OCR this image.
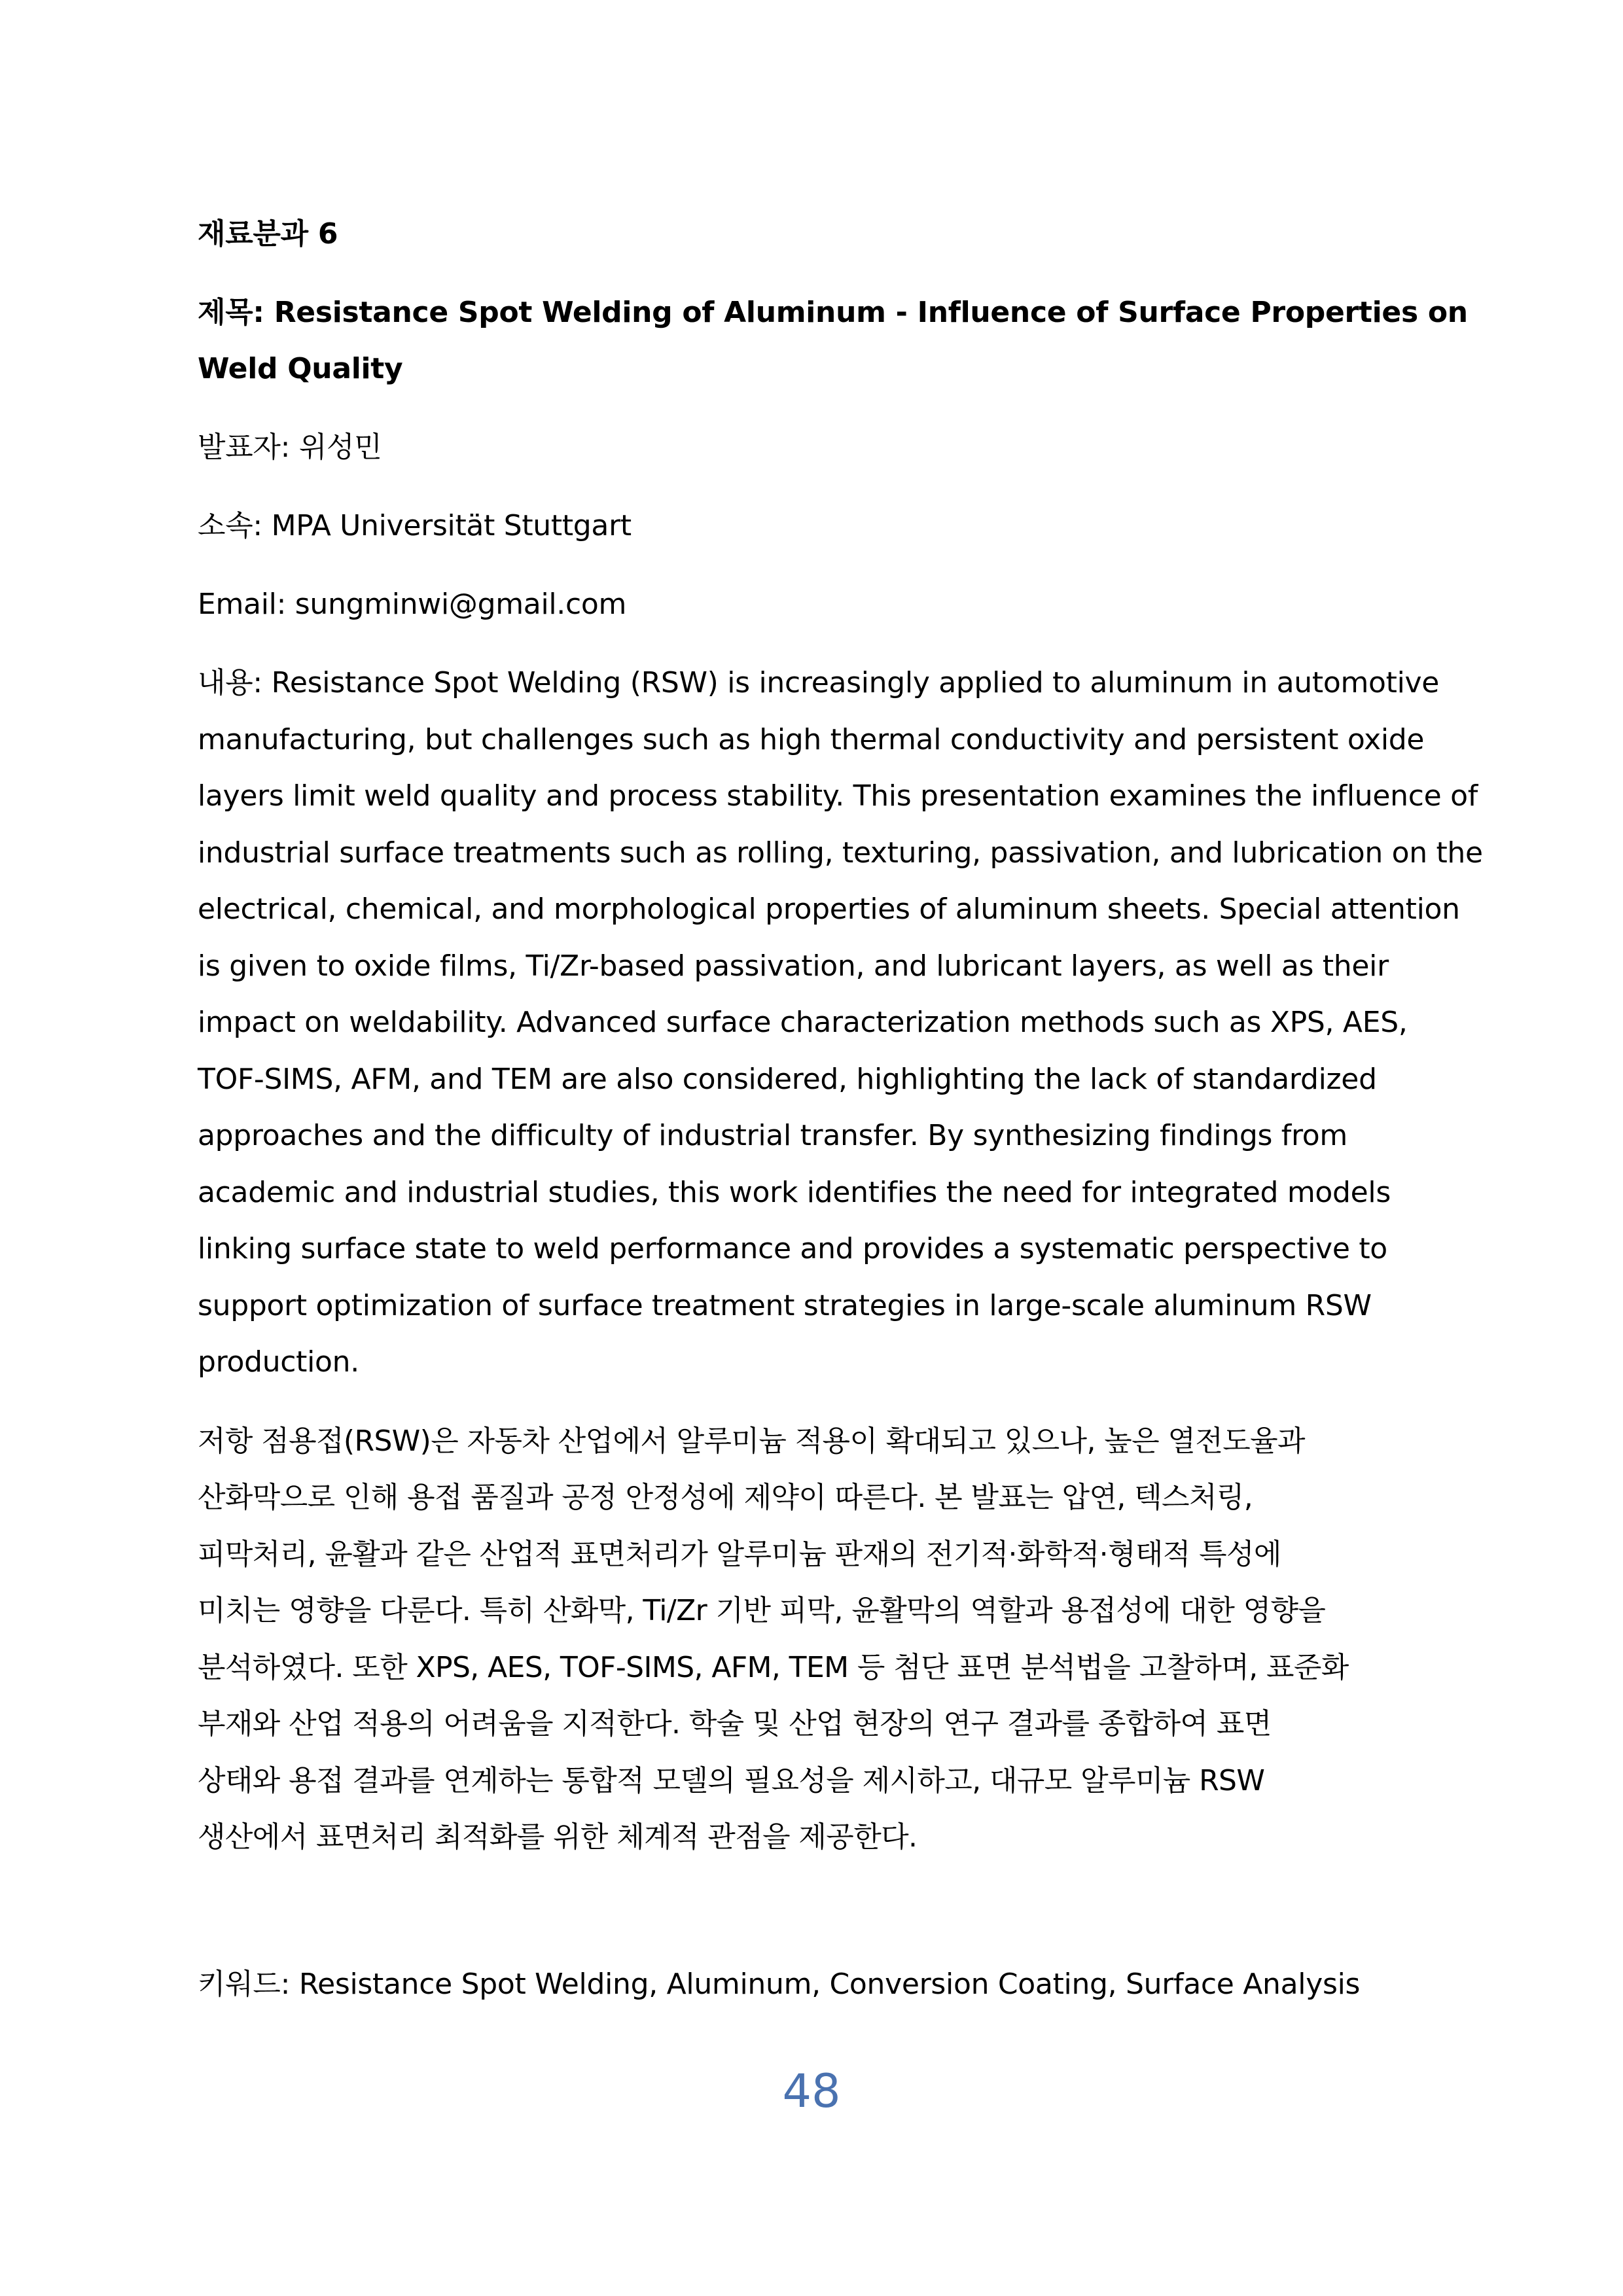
재료분과 6

제목: Resistance Spot Welding of Aluminum - Influence of Surface Properties on
Weld Quality

발표자: 위성민

소속: MPA Universität Stuttgart

Email: sungminwi@gmail.com

내용: Resistance Spot Welding (RSW) is increasingly applied to aluminum in automotive
manufacturing, but challenges such as high thermal conductivity and persistent oxide
layers limit weld quality and process stability. This presentation examines the influence of
industrial surface treatments such as rolling, texturing, passivation, and lubrication on the
electrical, chemical, and morphological properties of aluminum sheets. Special attention
is given to oxide films, Ti/Zr-based passivation, and lubricant layers, as well as their
impact on weldability. Advanced surface characterization methods such as XPS, AES,
TOF-SIMS, AFM, and TEM are also considered, highlighting the lack of standardized
approaches and the difficulty of industrial transfer. By synthesizing findings from
academic and industrial studies, this work identifies the need for integrated models
linking surface state to weld performance and provides a systematic perspective to
support optimization of surface treatment strategies in large-scale aluminum RSW
production.

저항 점용접(RSW)은 자동차 산업에서 알루미늄 적용이 확대되고 있으나, 높은 열전도율과
산화막으로 인해 용접 품질과 공정 안정성에 제약이 따른다. 본 발표는 압연, 텍스처링,
피막처리, 윤활과 같은 산업적 표면처리가 알루미늄 판재의 전기적·화학적·형태적 특성에
미치는 영향을 다룬다. 특히 산화막, Ti/Zr 기반 피막, 윤활막의 역할과 용접성에 대한 영향을
분석하였다. 또한 XPS, AES, TOF-SIMS, AFM, TEM 등 첨단 표면 분석법을 고찰하며, 표준화
부재와 산업 적용의 어려움을 지적한다. 학술 및 산업 현장의 연구 결과를 종합하여 표면
상태와 용접 결과를 연계하는 통합적 모델의 필요성을 제시하고, 대규모 알루미늄 RSW
생산에서 표면처리 최적화를 위한 체계적 관점을 제공한다.

키워드: Resistance Spot Welding, Aluminum, Conversion Coating, Surface Analysis
48
